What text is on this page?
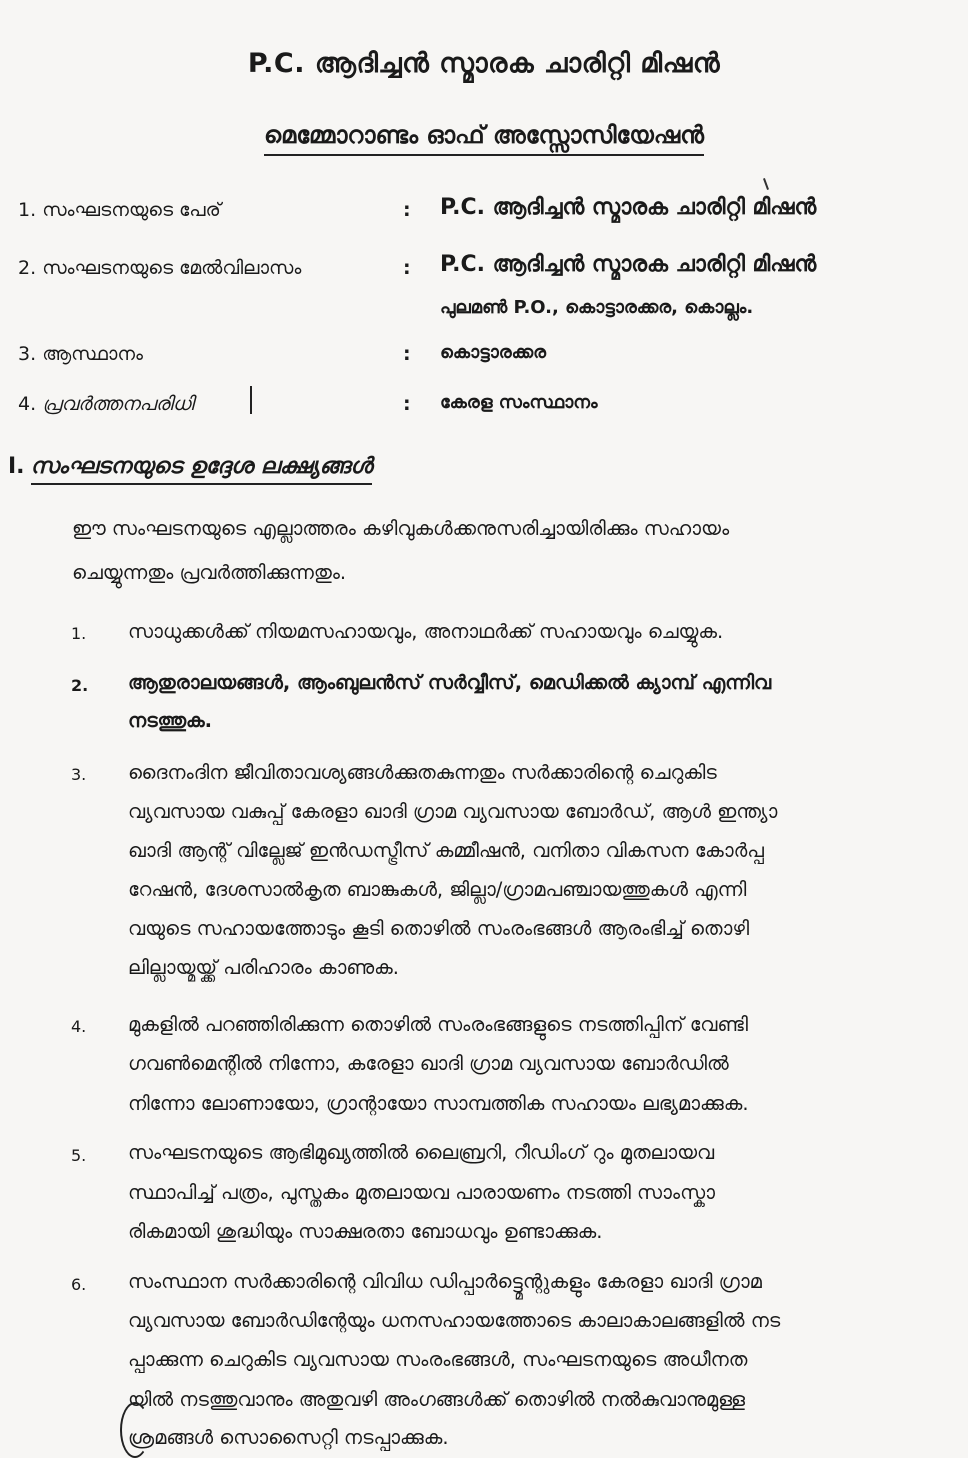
P.C. ആദിച്ചൻ സ്മാരക ചാരിറ്റി മിഷൻ
മെമ്മോറാണ്ടം ഓഫ് അസ്സോസിയേഷൻ
1. സംഘടനയുടെ പേര്	: P.C. ആദിച്ചൻ സ്മാരക ചാരിറ്റി മിഷൻ
2. സംഘടനയുടെ മേൽവിലാസം	: P.C. ആദിച്ചൻ സ്മാരക ചാരിറ്റി മിഷൻ
പുലമൺ P.O., കൊട്ടാരക്കര, കൊല്ലം.
3. ആസ്ഥാനം	: കൊട്ടാരക്കര
4. പ്രവർത്തനപരിധി	: കേരള സംസ്ഥാനം
I. സംഘടനയുടെ ഉദ്ദേശ ലക്ഷ്യങ്ങൾ
ഈ സംഘടനയുടെ എല്ലാത്തരം കഴിവുകൾക്കനുസരിച്ചായിരിക്കും സഹായം
ചെയ്യുന്നതും പ്രവർത്തിക്കുന്നതും.
1. സാധുക്കൾക്ക് നിയമസഹായവും, അനാഥർക്ക് സഹായവും ചെയ്യുക.
2. ആതുരാലയങ്ങൾ, ആംബുലൻസ് സർവ്വീസ്, മെഡിക്കൽ ക്യാമ്പ് എന്നിവ
നടത്തുക.
3. ദൈനംദിന ജീവിതാവശ്യങ്ങൾക്കുതകുന്നതും സർക്കാരിന്റെ ചെറുകിട
വ്യവസായ വകുപ്പ് കേരളാ ഖാദി ഗ്രാമ വ്യവസായ ബോർഡ്, ആൾ ഇന്ത്യാ
ഖാദി ആന്റ് വില്ലേജ് ഇൻഡസ്ട്രീസ് കമ്മീഷൻ, വനിതാ വികസന കോർപ്പ
റേഷൻ, ദേശസാൽകൃത ബാങ്കുകൾ, ജില്ലാ/ഗ്രാമപഞ്ചായത്തുകൾ എന്നി
വയുടെ സഹായത്തോടും കൂടി തൊഴിൽ സംരംഭങ്ങൾ ആരംഭിച്ച് തൊഴി
ലില്ലായ്മയ്ക്ക് പരിഹാരം കാണുക.
4. മുകളിൽ പറഞ്ഞിരിക്കുന്ന തൊഴിൽ സംരംഭങ്ങളുടെ നടത്തിപ്പിന് വേണ്ടി
ഗവൺമെന്റിൽ നിന്നോ, കരേളാ ഖാദി ഗ്രാമ വ്യവസായ ബോർഡിൽ
നിന്നോ ലോണായോ, ഗ്രാന്റായോ സാമ്പത്തിക സഹായം ലഭ്യമാക്കുക.
5. സംഘടനയുടെ ആഭിമുഖ്യത്തിൽ ലൈബ്രറി, റീഡിംഗ് റും മുതലായവ
സ്ഥാപിച്ച് പത്രം, പുസ്തകം മുതലായവ പാരായണം നടത്തി സാംസ്കാ
രികമായി ശുദ്ധിയും സാക്ഷരതാ ബോധവും ഉണ്ടാക്കുക.
6. സംസ്ഥാന സർക്കാരിന്റെ വിവിധ ഡിപ്പാർട്ട്മെന്റുകളും കേരളാ ഖാദി ഗ്രാമ
വ്യവസായ ബോർഡിന്റേയും ധനസഹായത്തോടെ കാലാകാലങ്ങളിൽ നട
പ്പാക്കുന്ന ചെറുകിട വ്യവസായ സംരംഭങ്ങൾ, സംഘടനയുടെ അധീനത
യിൽ നടത്തുവാനും അതുവഴി അംഗങ്ങൾക്ക് തൊഴിൽ നൽകുവാനുമുള്ള
ശ്രമങ്ങൾ സൊസൈറ്റി നടപ്പാക്കുക.
